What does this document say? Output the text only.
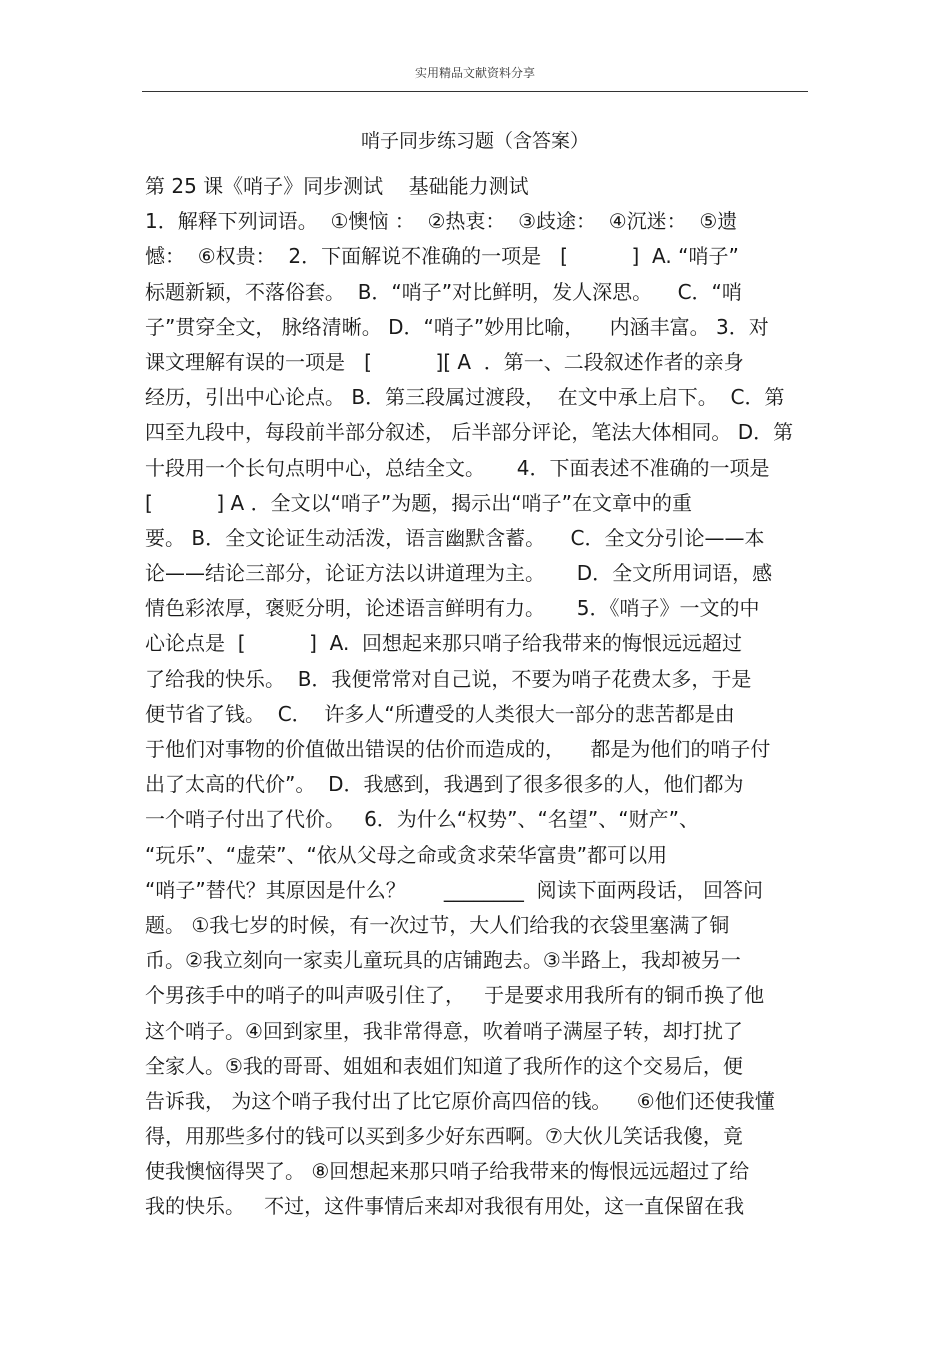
实用精品文献资料分享
哨子同步练习题（含答案）
第 25 课《哨子》同步测试    基础能力测试
1．解释下列词语。  ①懊恼 ：  ②热衷：  ③歧途：  ④沉迷：  ⑤遗
憾：  ⑥权贵：  2．下面解说不准确的一项是   [          ]  A. “哨子”
标题新颖，不落俗套。  B．“哨子”对比鲜明，发人深思。    C．“哨
子”贯穿全文， 脉络清晰。 D．“哨子”妙用比喻，    内涵丰富。 3．对
课文理解有误的一项是   [          ][ A  ．第一、二段叙述作者的亲身
经历，引出中心论点。 B．第三段属过渡段，  在文中承上启下。  C．第
四至九段中，每段前半部分叙述， 后半部分评论，笔法大体相同。 D．第
十段用一个长句点明中心，总结全文。     4．下面表述不准确的一项是
[          ] A ．全文以“哨子”为题，揭示出“哨子”在文章中的重
要。 B．全文论证生动活泼，语言幽默含蓄。    C．全文分引论——本
论——结论三部分，论证方法以讲道理为主。     D．全文所用词语，感
情色彩浓厚，褒贬分明，论述语言鲜明有力。     5．《哨子》一文的中
心论点是  [          ]  A.  回想起来那只哨子给我带来的悔恨远远超过
了给我的快乐。  B．我便常常对自己说，不要为哨子花费太多，于是
便节省了钱。  C．  许多人“所遭受的人类很大一部分的悲苦都是由
于他们对事物的价值做出错误的估价而造成的，    都是为他们的哨子付
出了太高的代价”。  D．我感到，我遇到了很多很多的人，他们都为
一个哨子付出了代价。   6．为什么“权势”、“名望”、“财产”、
“玩乐”、“虚荣”、“依从父母之命或贪求荣华富贵”都可以用
“哨子”替代？其原因是什么？      ________  阅读下面两段话， 回答问
题。 ①我七岁的时候，有一次过节，大人们给我的衣袋里塞满了铜
币。②我立刻向一家卖儿童玩具的店铺跑去。③半路上，我却被另一
个男孩手中的哨子的叫声吸引住了，   于是要求用我所有的铜币换了他
这个哨子。④回到家里，我非常得意，吹着哨子满屋子转，却打扰了
全家人。⑤我的哥哥、姐姐和表姐们知道了我所作的这个交易后，便
告诉我， 为这个哨子我付出了比它原价高四倍的钱。    ⑥他们还使我懂
得，用那些多付的钱可以买到多少好东西啊。⑦大伙儿笑话我傻，竟
使我懊恼得哭了。 ⑧回想起来那只哨子给我带来的悔恨远远超过了给
我的快乐。   不过，这件事情后来却对我很有用处，这一直保留在我
